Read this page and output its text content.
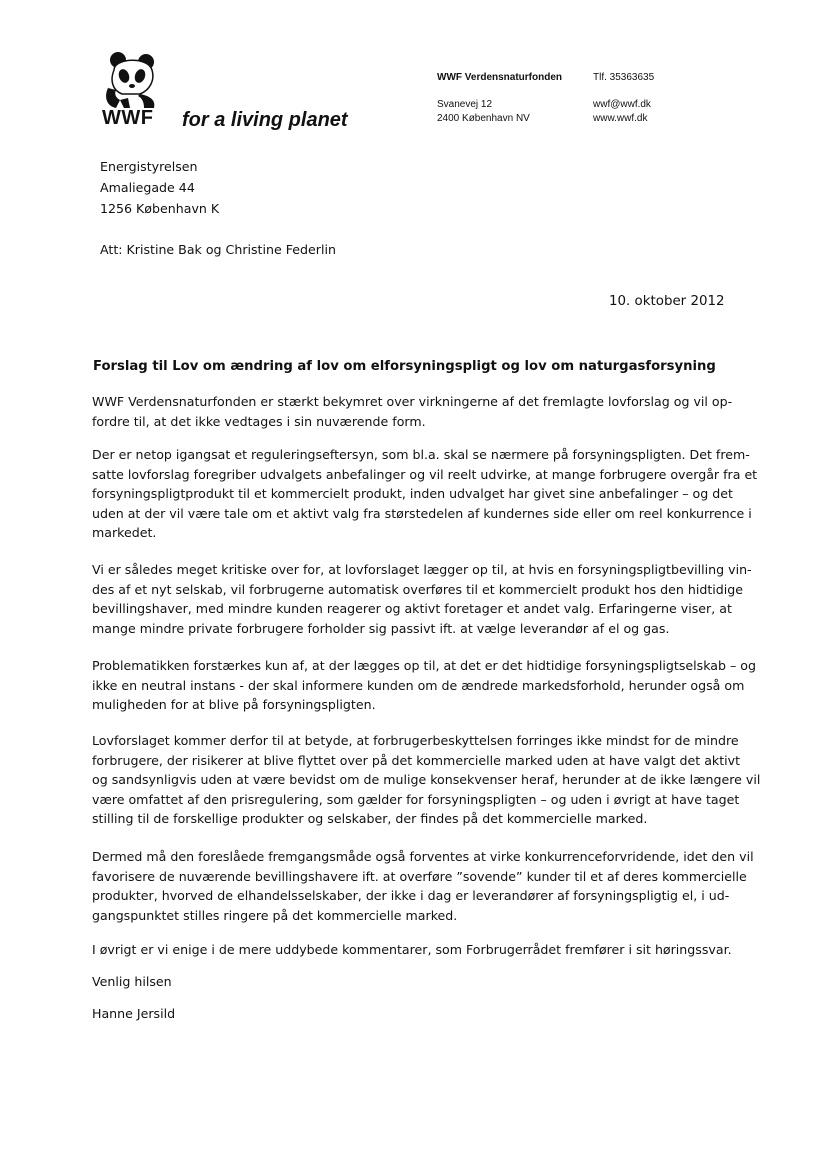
WWF for a living planet
WWF Verdensnaturfonden	Tlf. 35363635
Svanevej 12
2400 København NV
wwf@wwf.dk
www.wwf.dk
Energistyrelsen
Amaliegade 44
1256 København K
Att: Kristine Bak og Christine Federlin
10. oktober 2012
Forslag til Lov om ændring af lov om elforsyningspligt og lov om naturgasforsyning
WWF Verdensnaturfonden er stærkt bekymret over virkningerne af det fremlagte lovforslag og vil op-
fordre til, at det ikke vedtages i sin nuværende form.
Der er netop igangsat et reguleringseftersyn, som bl.a. skal se nærmere på forsyningspligten. Det frem-
satte lovforslag foregriber udvalgets anbefalinger og vil reelt udvirke, at mange forbrugere overgår fra et
forsyningspligtprodukt til et kommercielt produkt, inden udvalget har givet sine anbefalinger – og det
uden at der vil være tale om et aktivt valg fra størstedelen af kundernes side eller om reel konkurrence i
markedet.
Vi er således meget kritiske over for, at lovforslaget lægger op til, at hvis en forsyningspligtbevilling vin-
des af et nyt selskab, vil forbrugerne automatisk overføres til et kommercielt produkt hos den hidtidige
bevillingshaver, med mindre kunden reagerer og aktivt foretager et andet valg. Erfaringerne viser, at
mange mindre private forbrugere forholder sig passivt ift. at vælge leverandør af el og gas.
Problematikken forstærkes kun af, at der lægges op til, at det er det hidtidige forsyningspligtselskab – og
ikke en neutral instans - der skal informere kunden om de ændrede markedsforhold, herunder også om
muligheden for at blive på forsyningspligten.
Lovforslaget kommer derfor til at betyde, at forbrugerbeskyttelsen forringes ikke mindst for de mindre
forbrugere, der risikerer at blive flyttet over på det kommercielle marked uden at have valgt det aktivt
og sandsynligvis uden at være bevidst om de mulige konsekvenser heraf, herunder at de ikke længere vil
være omfattet af den prisregulering, som gælder for forsyningspligten – og uden i øvrigt at have taget
stilling til de forskellige produkter og selskaber, der findes på det kommercielle marked.
Dermed må den foreslåede fremgangsmåde også forventes at virke konkurrenceforvridende, idet den vil
favorisere de nuværende bevillingshavere ift. at overføre ”sovende” kunder til et af deres kommercielle
produkter, hvorved de elhandelsselskaber, der ikke i dag er leverandører af forsyningspligtig el, i ud-
gangspunktet stilles ringere på det kommercielle marked.
I øvrigt er vi enige i de mere uddybede kommentarer, som Forbrugerrådet fremfører i sit høringssvar.
Venlig hilsen
Hanne Jersild
